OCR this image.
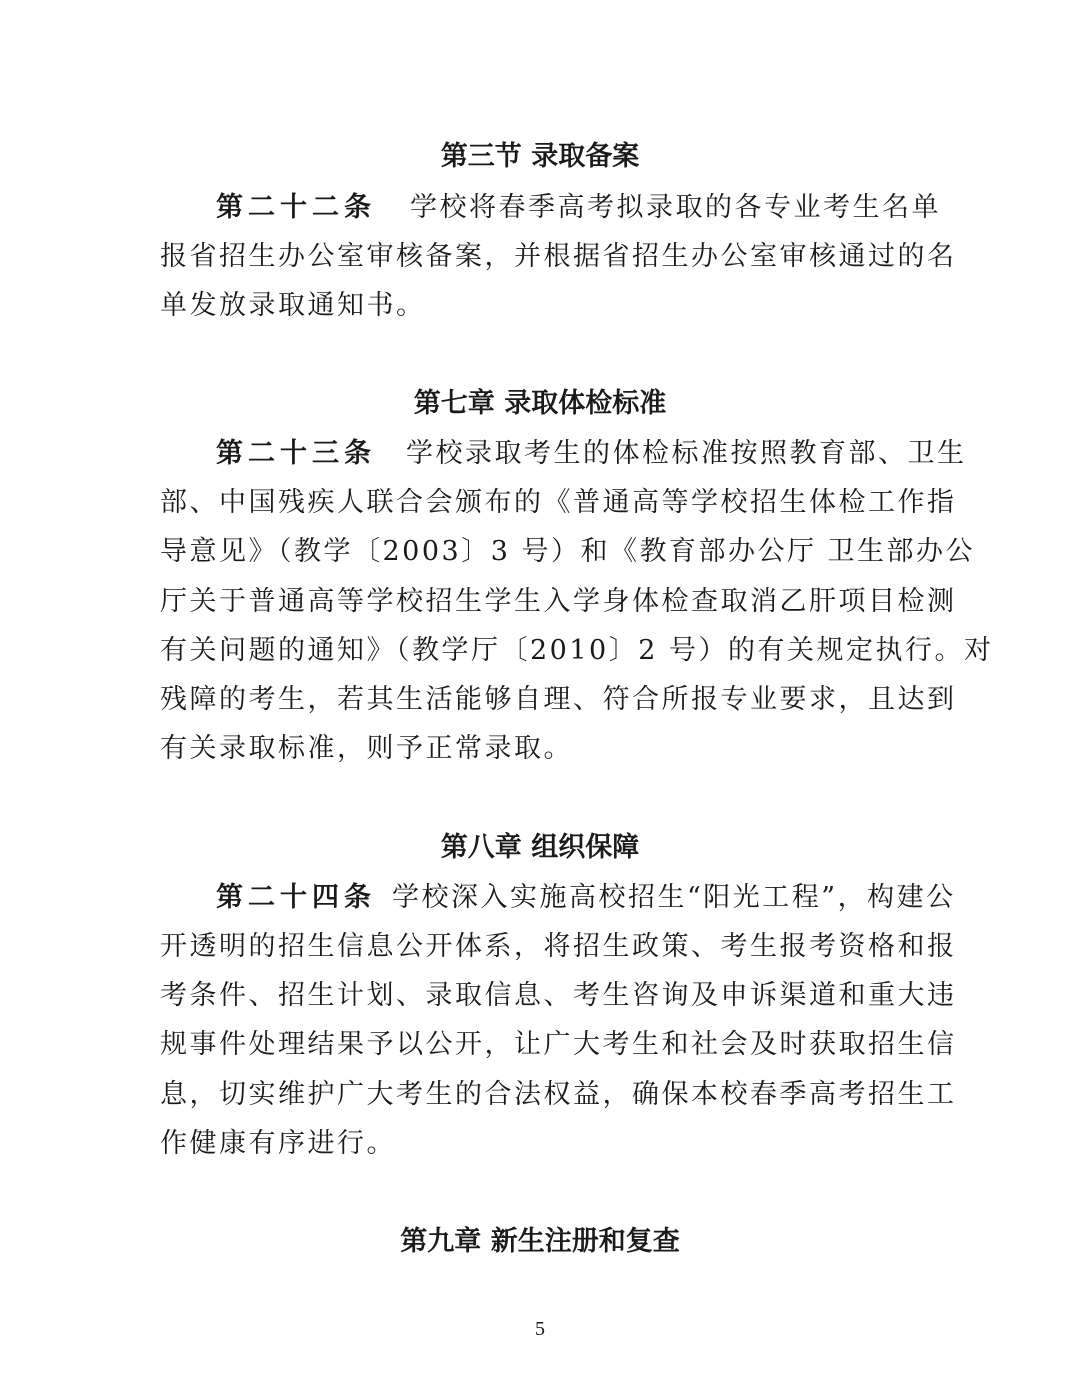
第三节 录取备案
第二十二条 学校将春季高考拟录取的各专业考生名单
报省招生办公室审核备案，并根据省招生办公室审核通过的名
单发放录取通知书。
第七章 录取体检标准
第二十三条 学校录取考生的体检标准按照教育部、卫生
部、中国残疾人联合会颁布的《普通高等学校招生体检工作指
导意见》（教学〔2003〕3 号）和《教育部办公厅 卫生部办公
厅关于普通高等学校招生学生入学身体检查取消乙肝项目检测
有关问题的通知》（教学厅〔2010〕2 号）的有关规定执行。对
残障的考生，若其生活能够自理、符合所报专业要求，且达到
有关录取标准，则予正常录取。
第八章 组织保障
第二十四条 学校深入实施高校招生“阳光工程”，构建公
开透明的招生信息公开体系，将招生政策、考生报考资格和报
考条件、招生计划、录取信息、考生咨询及申诉渠道和重大违
规事件处理结果予以公开，让广大考生和社会及时获取招生信
息，切实维护广大考生的合法权益，确保本校春季高考招生工
作健康有序进行。
第九章 新生注册和复查
5
